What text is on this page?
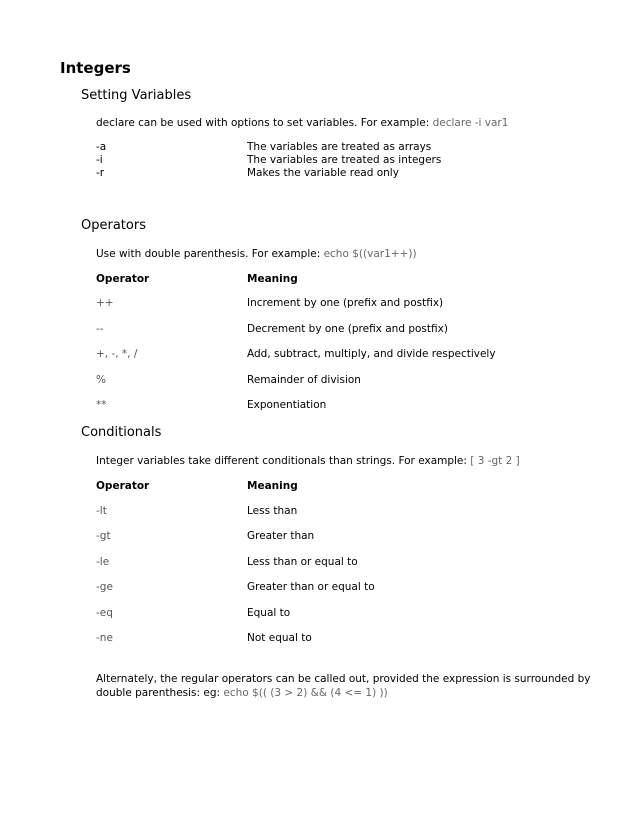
Integers
Setting Variables
declare can be used with options to set variables. For example: declare -i var1
-a	The variables are treated as arrays
-i	The variables are treated as integers
-r	Makes the variable read only
Operators
Use with double parenthesis. For example: echo $((var1++))
Operator	Meaning
++	Increment by one (prefix and postfix)
--	Decrement by one (prefix and postfix)
+, -, *, /	Add, subtract, multiply, and divide respectively
%	Remainder of division
**	Exponentiation
Conditionals
Integer variables take different conditionals than strings. For example: [ 3 -gt 2 ]
Operator	Meaning
-lt	Less than
-gt	Greater than
-le	Less than or equal to
-ge	Greater than or equal to
-eq	Equal to
-ne	Not equal to
Alternately, the regular operators can be called out, provided the expression is surrounded by
double parenthesis: eg: echo $(( (3 > 2) && (4 <= 1) ))
